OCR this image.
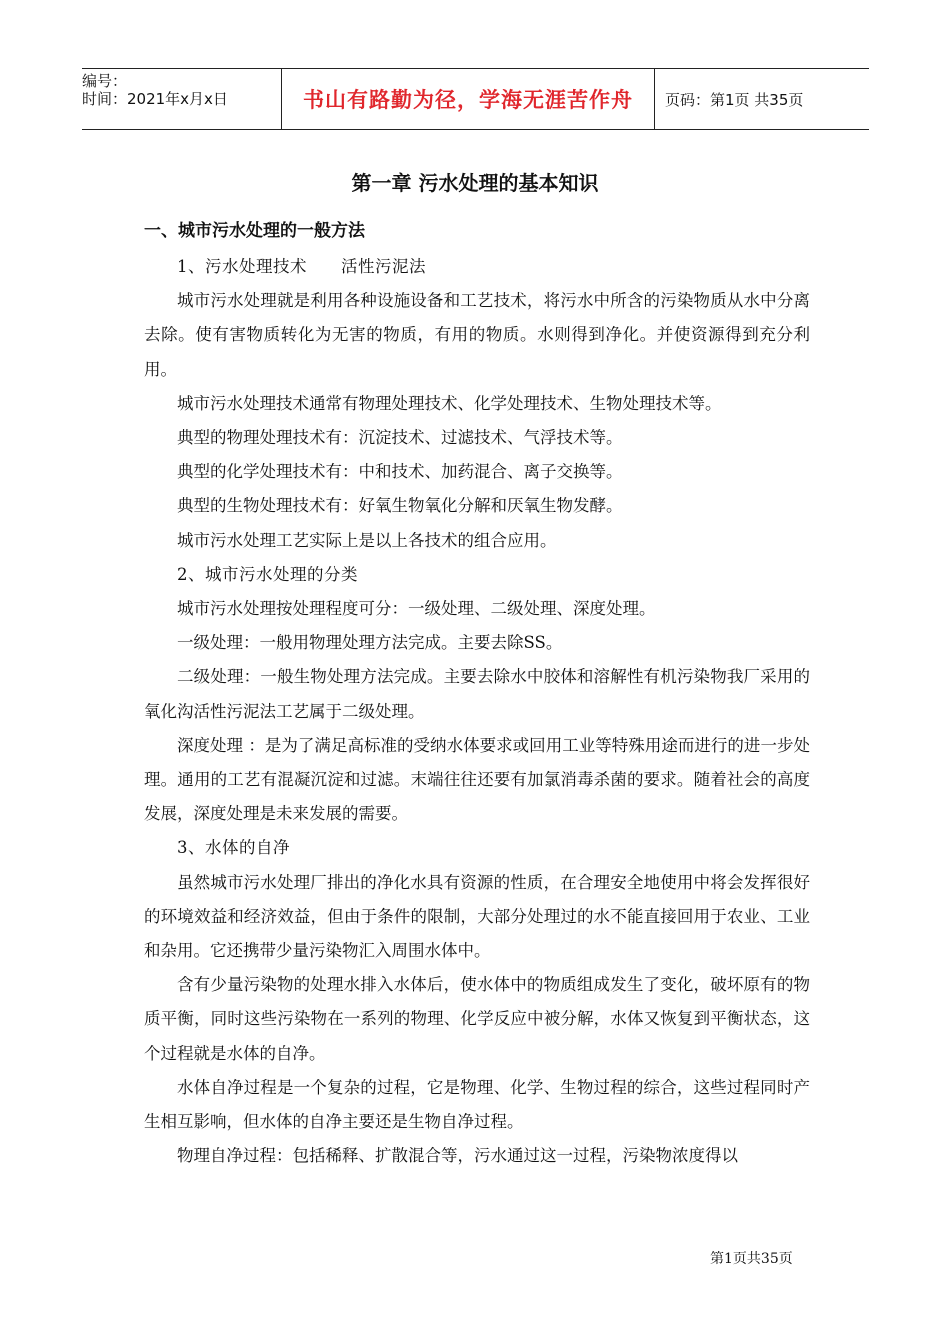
编号：
时间：2021年x月x日	书山有路勤为径，学海无涯苦作舟	页码：第1页 共35页
第一章 污水处理的基本知识
一、城市污水处理的一般方法

1、污水处理技术　　活性污泥法

城市污水处理就是利用各种设施设备和工艺技术，将污水中所含的污染物质从水中分离去除。使有害物质转化为无害的物质，有用的物质。水则得到净化。并使资源得到充分利用。

城市污水处理技术通常有物理处理技术、化学处理技术、生物处理技术等。

典型的物理处理技术有：沉淀技术、过滤技术、气浮技术等。

典型的化学处理技术有：中和技术、加药混合、离子交换等。

典型的生物处理技术有：好氧生物氧化分解和厌氧生物发酵。

城市污水处理工艺实际上是以上各技术的组合应用。

2、城市污水处理的分类

城市污水处理按处理程度可分：一级处理、二级处理、深度处理。

一级处理：一般用物理处理方法完成。主要去除SS。

二级处理：一般生物处理方法完成。主要去除水中胶体和溶解性有机污染物我厂采用的氧化沟活性污泥法工艺属于二级处理。

深度处理 ：是为了满足高标准的受纳水体要求或回用工业等特殊用途而进行的进一步处理。通用的工艺有混凝沉淀和过滤。末端往往还要有加氯消毒杀菌的要求。随着社会的高度发展，深度处理是未来发展的需要。

3、水体的自净

虽然城市污水处理厂排出的净化水具有资源的性质，在合理安全地使用中将会发挥很好的环境效益和经济效益，但由于条件的限制，大部分处理过的水不能直接回用于农业、工业和杂用。它还携带少量污染物汇入周围水体中。

含有少量污染物的处理水排入水体后，使水体中的物质组成发生了变化，破坏原有的物质平衡，同时这些污染物在一系列的物理、化学反应中被分解，水体又恢复到平衡状态，这个过程就是水体的自净。

水体自净过程是一个复杂的过程，它是物理、化学、生物过程的综合，这些过程同时产生相互影响，但水体的自净主要还是生物自净过程。

物理自净过程：包括稀释、扩散混合等，污水通过这一过程，污染物浓度得以

第1页共35页
